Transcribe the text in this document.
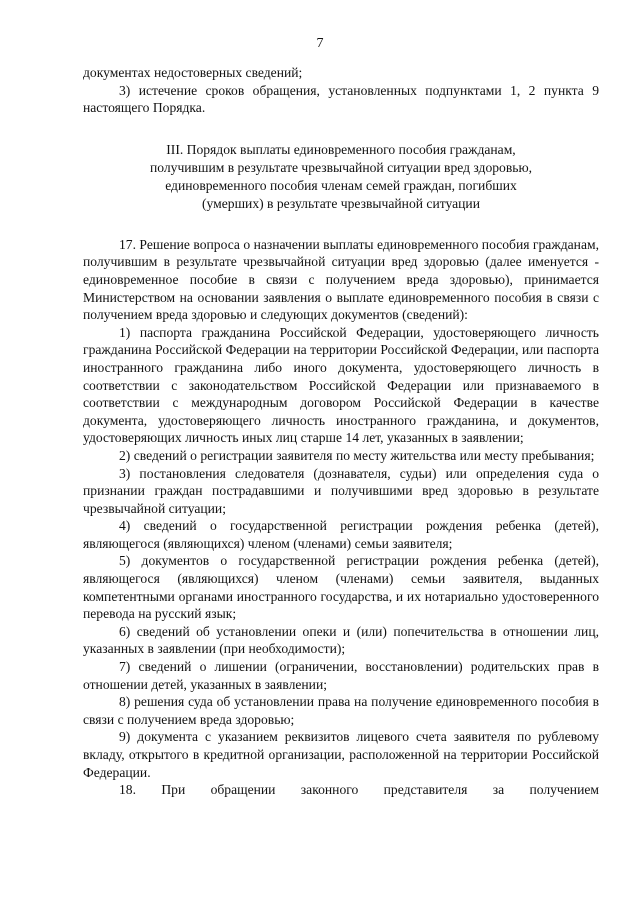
7

документах недостоверных сведений;

3) истечение сроков обращения, установленных подпунктами 1, 2 пункта 9 настоящего Порядка.

III. Порядок выплаты единовременного пособия гражданам,
получившим в результате чрезвычайной ситуации вред здоровью,
единовременного пособия членам семей граждан, погибших
(умерших) в результате чрезвычайной ситуации

17. Решение вопроса о назначении выплаты единовременного пособия гражданам, получившим в результате чрезвычайной ситуации вред здоровью (далее именуется - единовременное пособие в связи с получением вреда здоровью), принимается Министерством на основании заявления о выплате единовременного пособия в связи с получением вреда здоровью и следующих документов (сведений):

1) паспорта гражданина Российской Федерации, удостоверяющего личность гражданина Российской Федерации на территории Российской Федерации, или паспорта иностранного гражданина либо иного документа, удостоверяющего личность в соответствии с законодательством Российской Федерации или признаваемого в соответствии с международным договором Российской Федерации в качестве документа, удостоверяющего личность иностранного гражданина, и документов, удостоверяющих личность иных лиц старше 14 лет, указанных в заявлении;

2) сведений о регистрации заявителя по месту жительства или месту пребывания;

3) постановления следователя (дознавателя, судьи) или определения суда о признании граждан пострадавшими и получившими вред здоровью в результате чрезвычайной ситуации;

4) сведений о государственной регистрации рождения ребенка (детей), являющегося (являющихся) членом (членами) семьи заявителя;

5) документов о государственной регистрации рождения ребенка (детей), являющегося (являющихся) членом (членами) семьи заявителя, выданных компетентными органами иностранного государства, и их нотариально удостоверенного перевода на русский язык;

6) сведений об установлении опеки и (или) попечительства в отношении лиц, указанных в заявлении (при необходимости);

7) сведений о лишении (ограничении, восстановлении) родительских прав в отношении детей, указанных в заявлении;

8) решения суда об установлении права на получение единовременного пособия в связи с получением вреда здоровью;

9) документа с указанием реквизитов лицевого счета заявителя по рублевому вкладу, открытого в кредитной организации, расположенной на территории Российской Федерации.

18. При обращении законного представителя за получением
